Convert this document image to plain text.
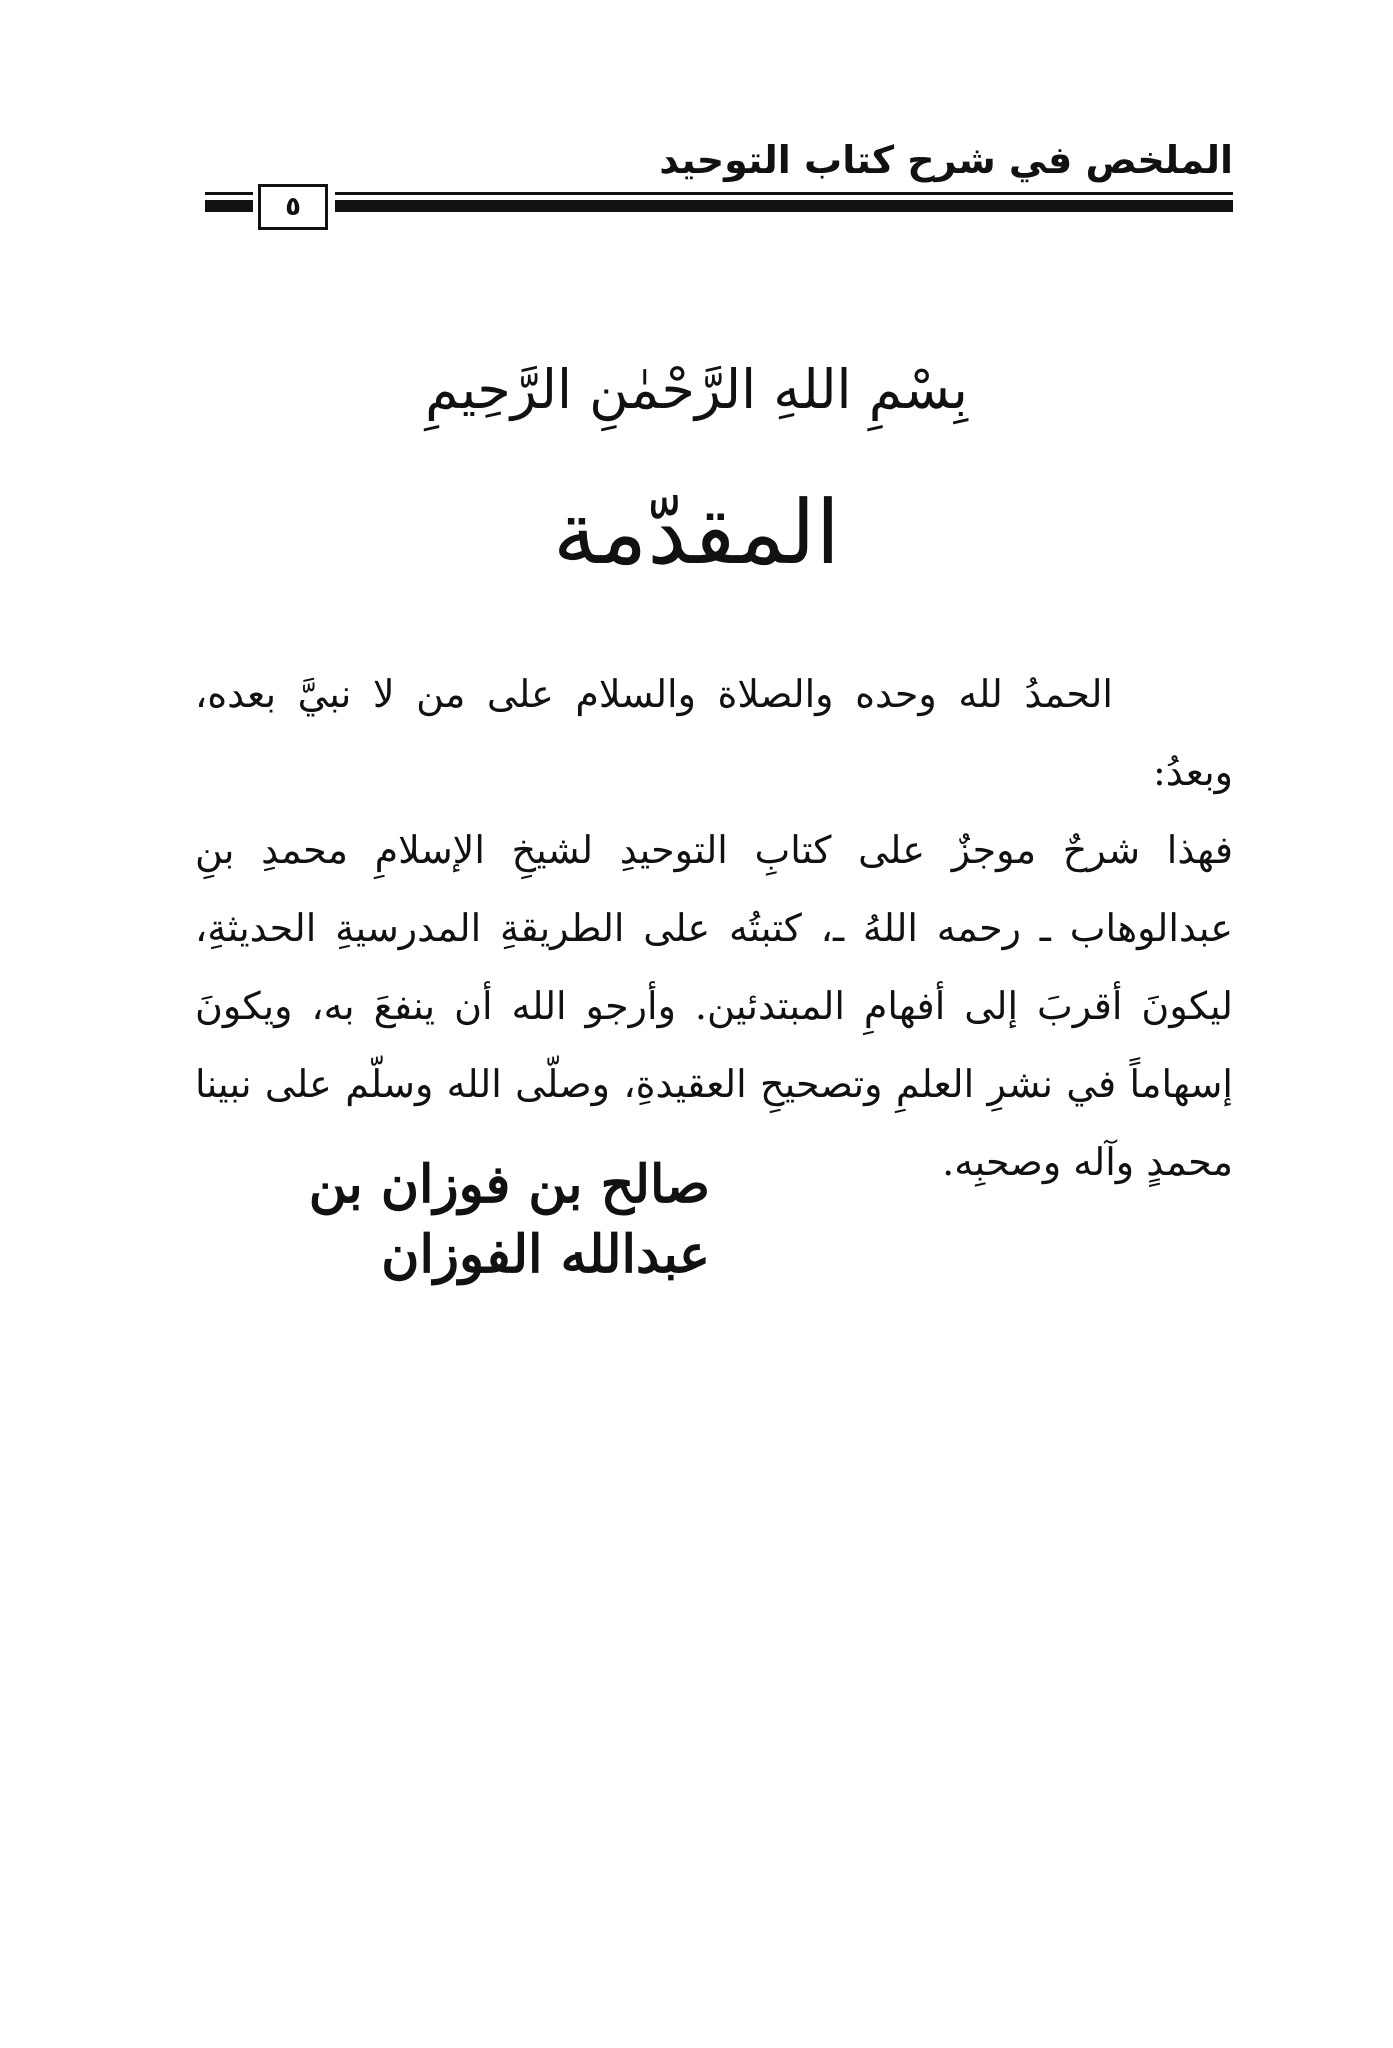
الملخص في شرح كتاب التوحيد
٥
بِسْمِ اللهِ الرَّحْمٰنِ الرَّحِيمِ
المقدّمة

الحمدُ لله وحده والصلاة والسلام على من لا نبيَّ بعده، وبعدُ:

فهذا شرحٌ موجزٌ على كتابِ التوحيدِ لشيخِ الإسلامِ محمدِ بنِ عبدالوهاب ـ رحمه اللهُ ـ، كتبتُه على الطريقةِ المدرسيةِ الحديثةِ، ليكونَ أقربَ إلى أفهامِ المبتدئين. وأرجو الله أن ينفعَ به، ويكونَ إسهاماً في نشرِ العلمِ وتصحيحِ العقيدةِ، وصلّى الله وسلّم على نبينا محمدٍ وآله وصحبِه.

صالح بن فوزان بن عبدالله الفوزان
